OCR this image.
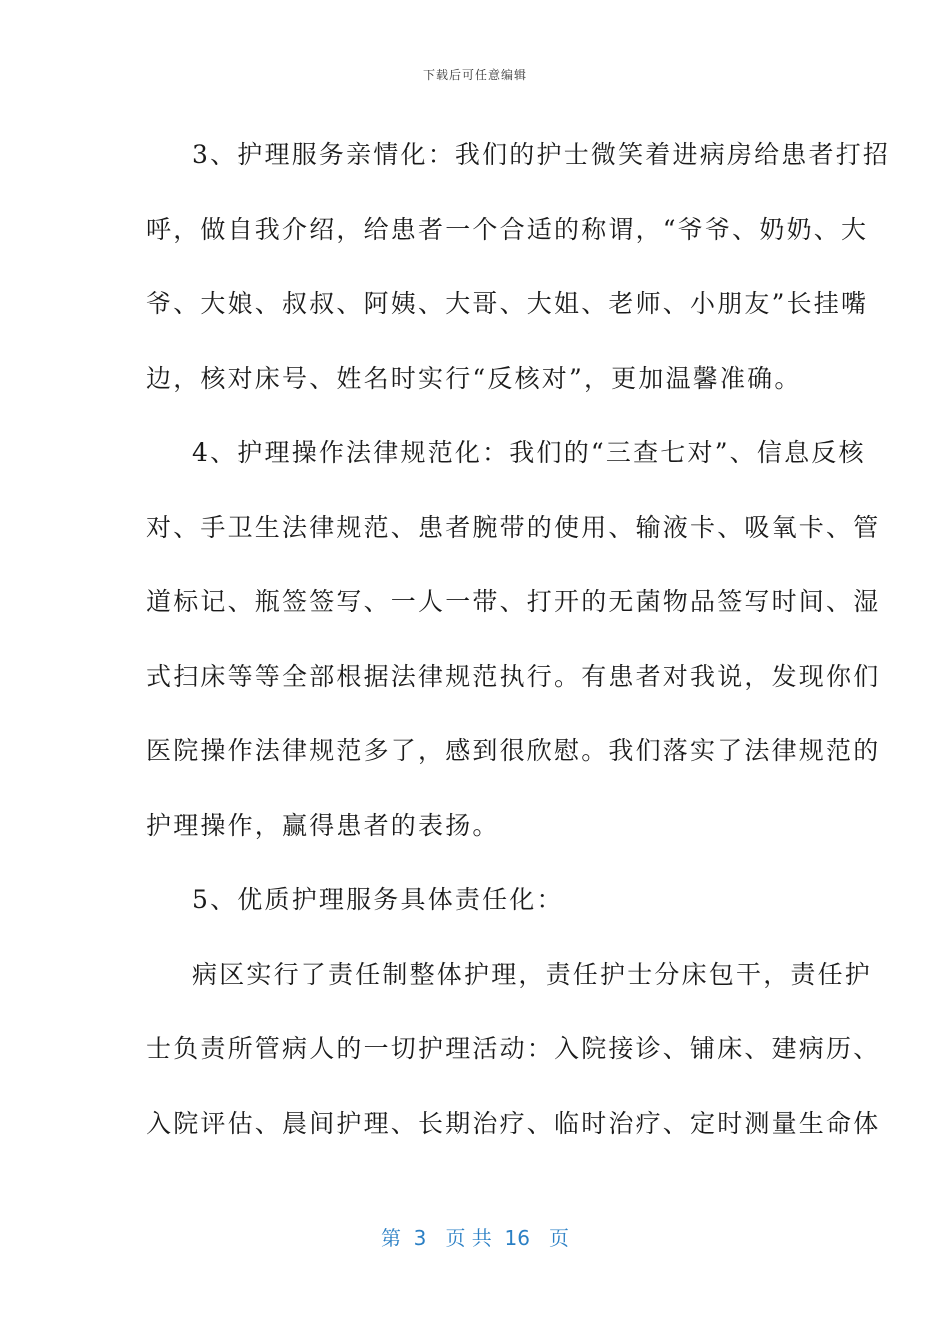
下载后可任意编辑
3、护理服务亲情化：我们的护士微笑着进病房给患者打招
呼，做自我介绍，给患者一个合适的称谓，“爷爷、奶奶、大
爷、大娘、叔叔、阿姨、大哥、大姐、老师、小朋友”长挂嘴
边，核对床号、姓名时实行“反核对”，更加温馨准确。
4、护理操作法律规范化：我们的“三查七对”、信息反核
对、手卫生法律规范、患者腕带的使用、输液卡、吸氧卡、管
道标记、瓶签签写、一人一带、打开的无菌物品签写时间、湿
式扫床等等全部根据法律规范执行。有患者对我说，发现你们
医院操作法律规范多了，感到很欣慰。我们落实了法律规范的
护理操作，赢得患者的表扬。
5、优质护理服务具体责任化：
病区实行了责任制整体护理，责任护士分床包干，责任护
士负责所管病人的一切护理活动：入院接诊、铺床、建病历、
入院评估、晨间护理、长期治疗、临时治疗、定时测量生命体
第  3   页 共  16   页
